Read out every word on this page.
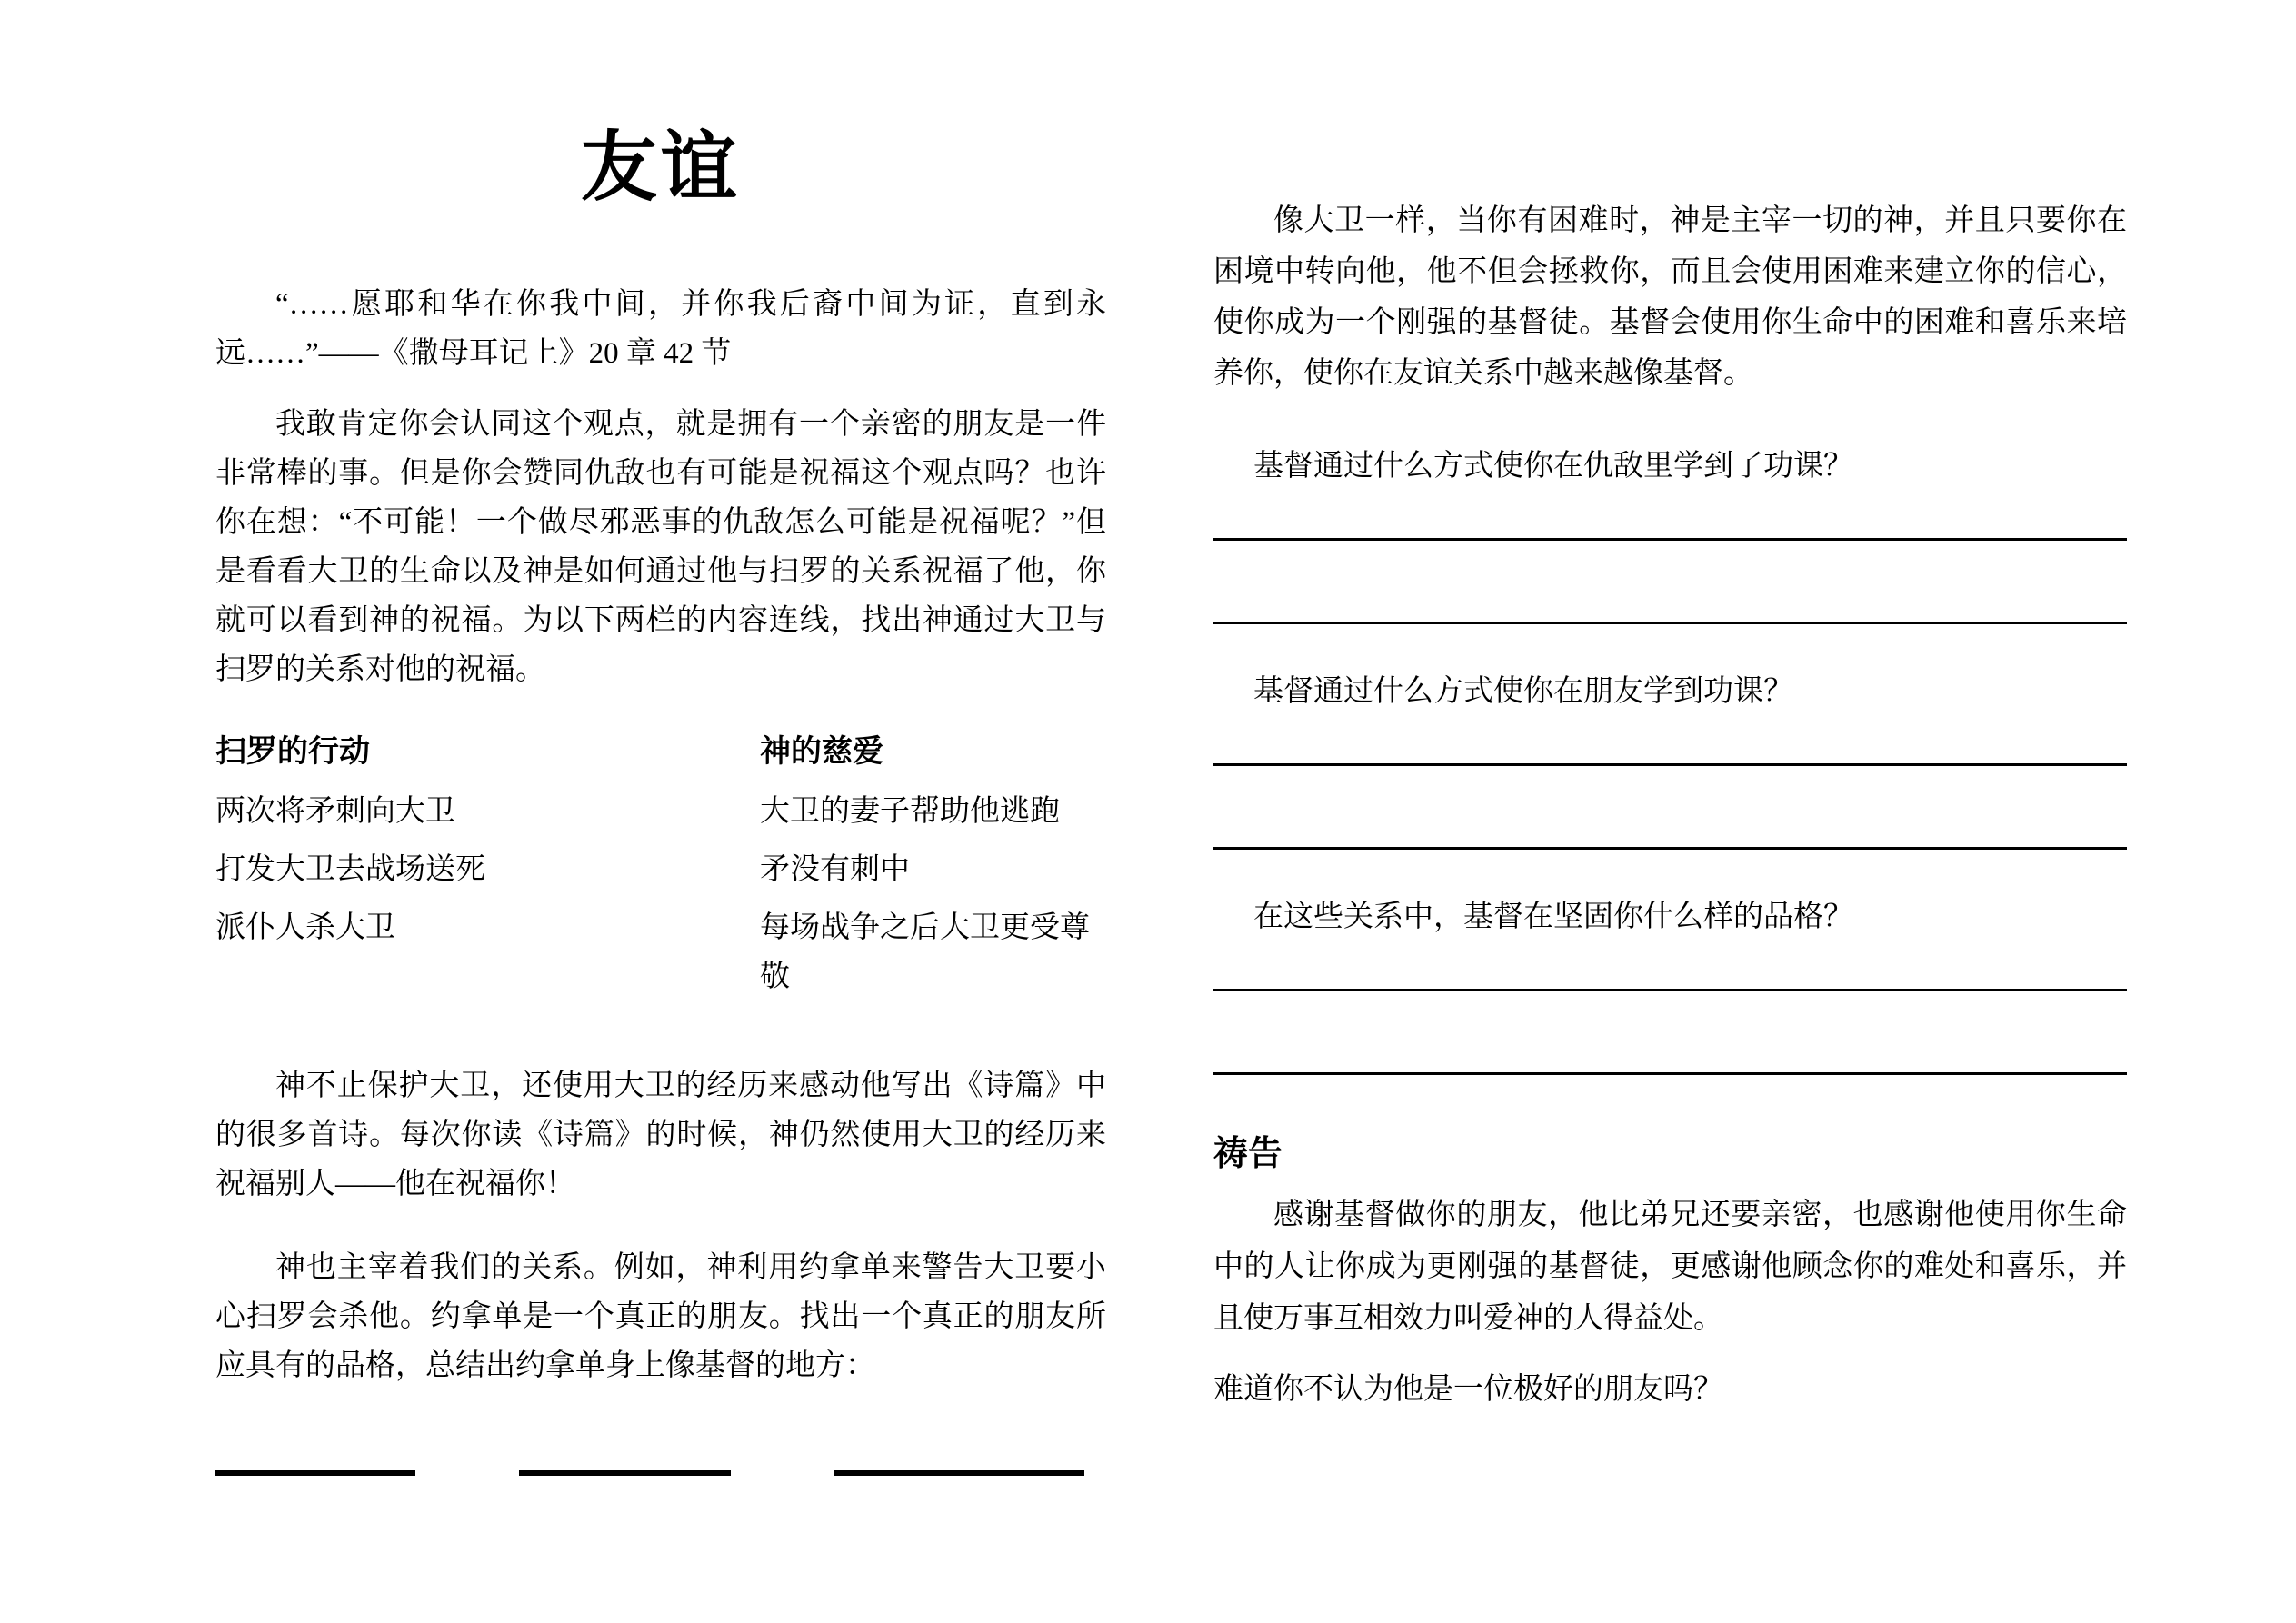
友谊
“……愿耶和华在你我中间，并你我后裔中间为证，直到永远……”——《撒母耳记上》20 章 42 节
我敢肯定你会认同这个观点，就是拥有一个亲密的朋友是一件非常棒的事。但是你会赞同仇敌也有可能是祝福这个观点吗？也许你在想：“不可能！一个做尽邪恶事的仇敌怎么可能是祝福呢？”但是看看大卫的生命以及神是如何通过他与扫罗的关系祝福了他，你就可以看到神的祝福。为以下两栏的内容连线，找出神通过大卫与扫罗的关系对他的祝福。
扫罗的行动
两次将矛刺向大卫
打发大卫去战场送死
派仆人杀大卫
神的慈爱
大卫的妻子帮助他逃跑
矛没有刺中
每场战争之后大卫更受尊敬
神不止保护大卫，还使用大卫的经历来感动他写出《诗篇》中的很多首诗。每次你读《诗篇》的时候，神仍然使用大卫的经历来祝福别人——他在祝福你！
神也主宰着我们的关系。例如，神利用约拿单来警告大卫要小心扫罗会杀他。约拿单是一个真正的朋友。找出一个真正的朋友所应具有的品格，总结出约拿单身上像基督的地方：
像大卫一样，当你有困难时，神是主宰一切的神，并且只要你在困境中转向他，他不但会拯救你，而且会使用困难来建立你的信心，使你成为一个刚强的基督徒。基督会使用你生命中的困难和喜乐来培养你，使你在友谊关系中越来越像基督。
基督通过什么方式使你在仇敌里学到了功课？
基督通过什么方式使你在朋友学到功课？
在这些关系中，基督在坚固你什么样的品格？
祷告
感谢基督做你的朋友，他比弟兄还要亲密，也感谢他使用你生命中的人让你成为更刚强的基督徒，更感谢他顾念你的难处和喜乐，并且使万事互相效力叫爱神的人得益处。
难道你不认为他是一位极好的朋友吗？
